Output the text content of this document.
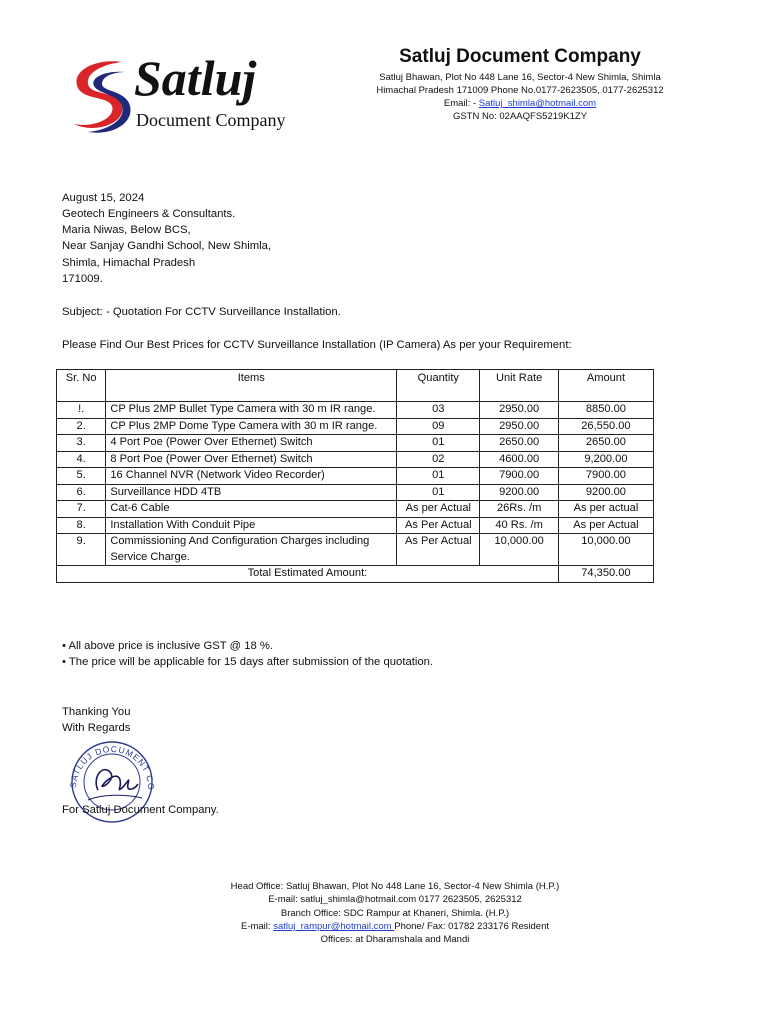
Satluj
Document Company
Satluj Document Company
Satluj Bhawan, Plot No 448 Lane 16, Sector-4 New Shimla, Shimla
Himachal Pradesh 171009 Phone No.0177-2623505, 0177-2625312
Email: - Satluj_shimla@hotmail.com
GSTN No: 02AAQFS5219K1ZY
August 15, 2024
Geotech Engineers & Consultants.
Maria Niwas, Below BCS,
Near Sanjay Gandhi School, New Shimla,
Shimla, Himachal Pradesh
171009.
Subject: - Quotation For CCTV Surveillance Installation.
Please Find Our Best Prices for CCTV Surveillance Installation (IP Camera) As per your Requirement:
Sr. No	Items	Quantity	Unit Rate	Amount
!.	CP Plus 2MP Bullet Type Camera with 30 m IR range.	03	2950.00	8850.00
2.	CP Plus 2MP Dome Type Camera with 30 m IR range.	09	2950.00	26,550.00
3.	4 Port Poe (Power Over Ethernet) Switch	01	2650.00	2650.00
4.	8 Port Poe (Power Over Ethernet) Switch	02	4600.00	9,200.00
5.	16 Channel NVR (Network Video Recorder)	01	7900.00	7900.00
6.	Surveillance HDD 4TB	01	9200.00	9200.00
7.	Cat-6 Cable	As per Actual	26Rs. /m	As per actual
8.	Installation With Conduit Pipe	As Per Actual	40 Rs. /m	As per Actual
9.	Commissioning And Configuration Charges including Service Charge.	As Per Actual	10,000.00	10,000.00
Total Estimated Amount:				74,350.00
• All above price is inclusive GST @ 18 %.
• The price will be applicable for 15 days after submission of the quotation.
Thanking You
With Regards
SATLUJ DOCUMENT CO
For Satluj Document Company.
Head Office: Satluj Bhawan, Plot No 448 Lane 16, Sector-4 New Shimla (H.P.)
E-mail: satluj_shimla@hotmail.com 0177 2623505, 2625312
Branch Office: SDC Rampur at Khaneri, Shimla. (H.P.)
E-mail: satluj_rampur@hotmail.com Phone/ Fax: 01782 233176 Resident
Offices: at Dharamshala and Mandi
